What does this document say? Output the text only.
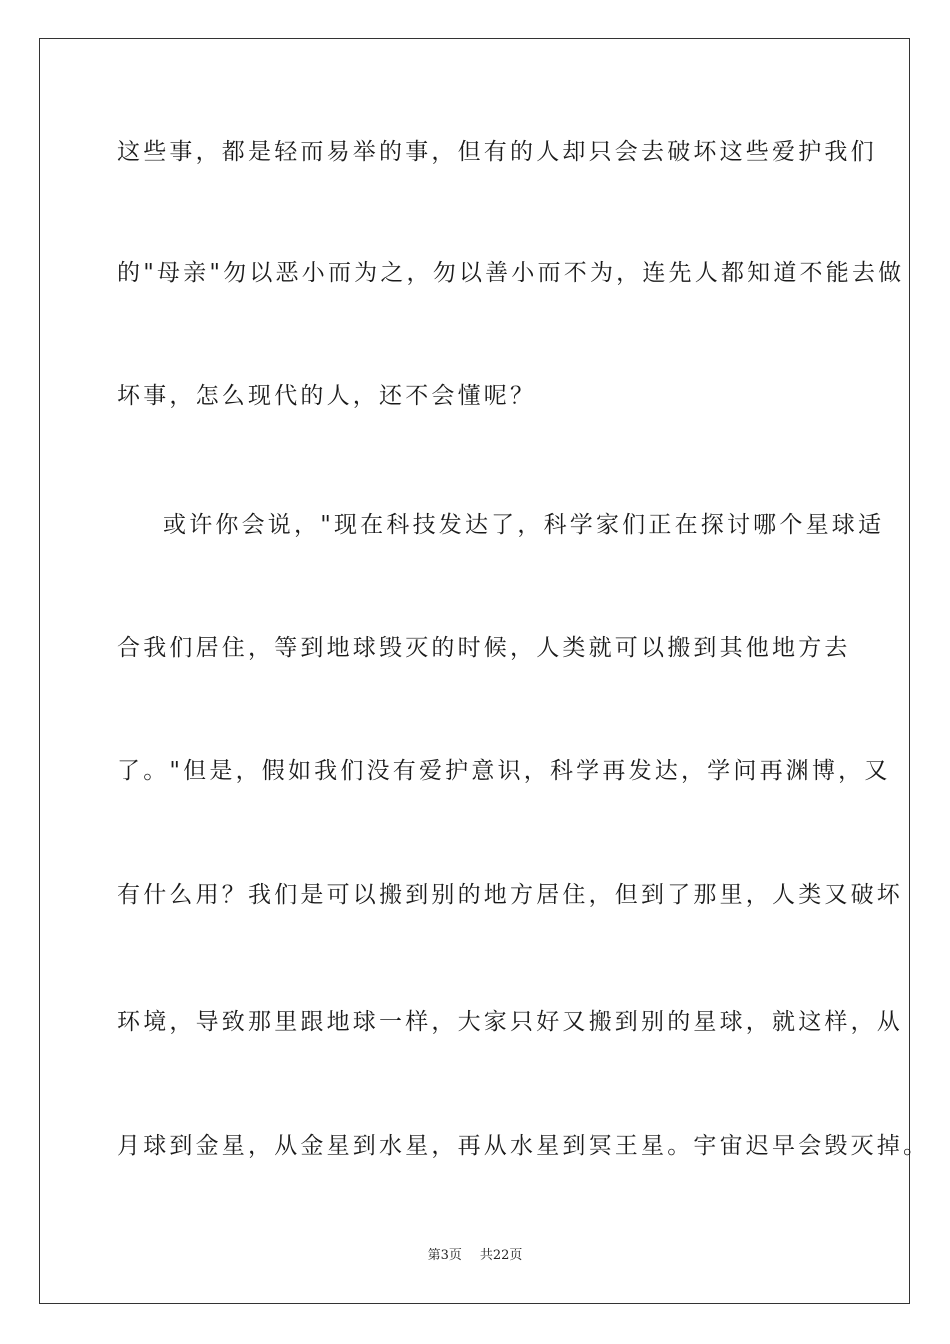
这些事，都是轻而易举的事，但有的人却只会去破坏这些爱护我们
的"母亲"勿以恶小而为之，勿以善小而不为，连先人都知道不能去做
坏事，怎么现代的人，还不会懂呢？
或许你会说，"现在科技发达了，科学家们正在探讨哪个星球适
合我们居住，等到地球毁灭的时候，人类就可以搬到其他地方去
了。"但是，假如我们没有爱护意识，科学再发达，学问再渊博，又
有什么用？我们是可以搬到别的地方居住，但到了那里，人类又破坏
环境，导致那里跟地球一样，大家只好又搬到别的星球，就这样，从
月球到金星，从金星到水星，再从水星到冥王星。宇宙迟早会毁灭掉。
第3页 共22页
